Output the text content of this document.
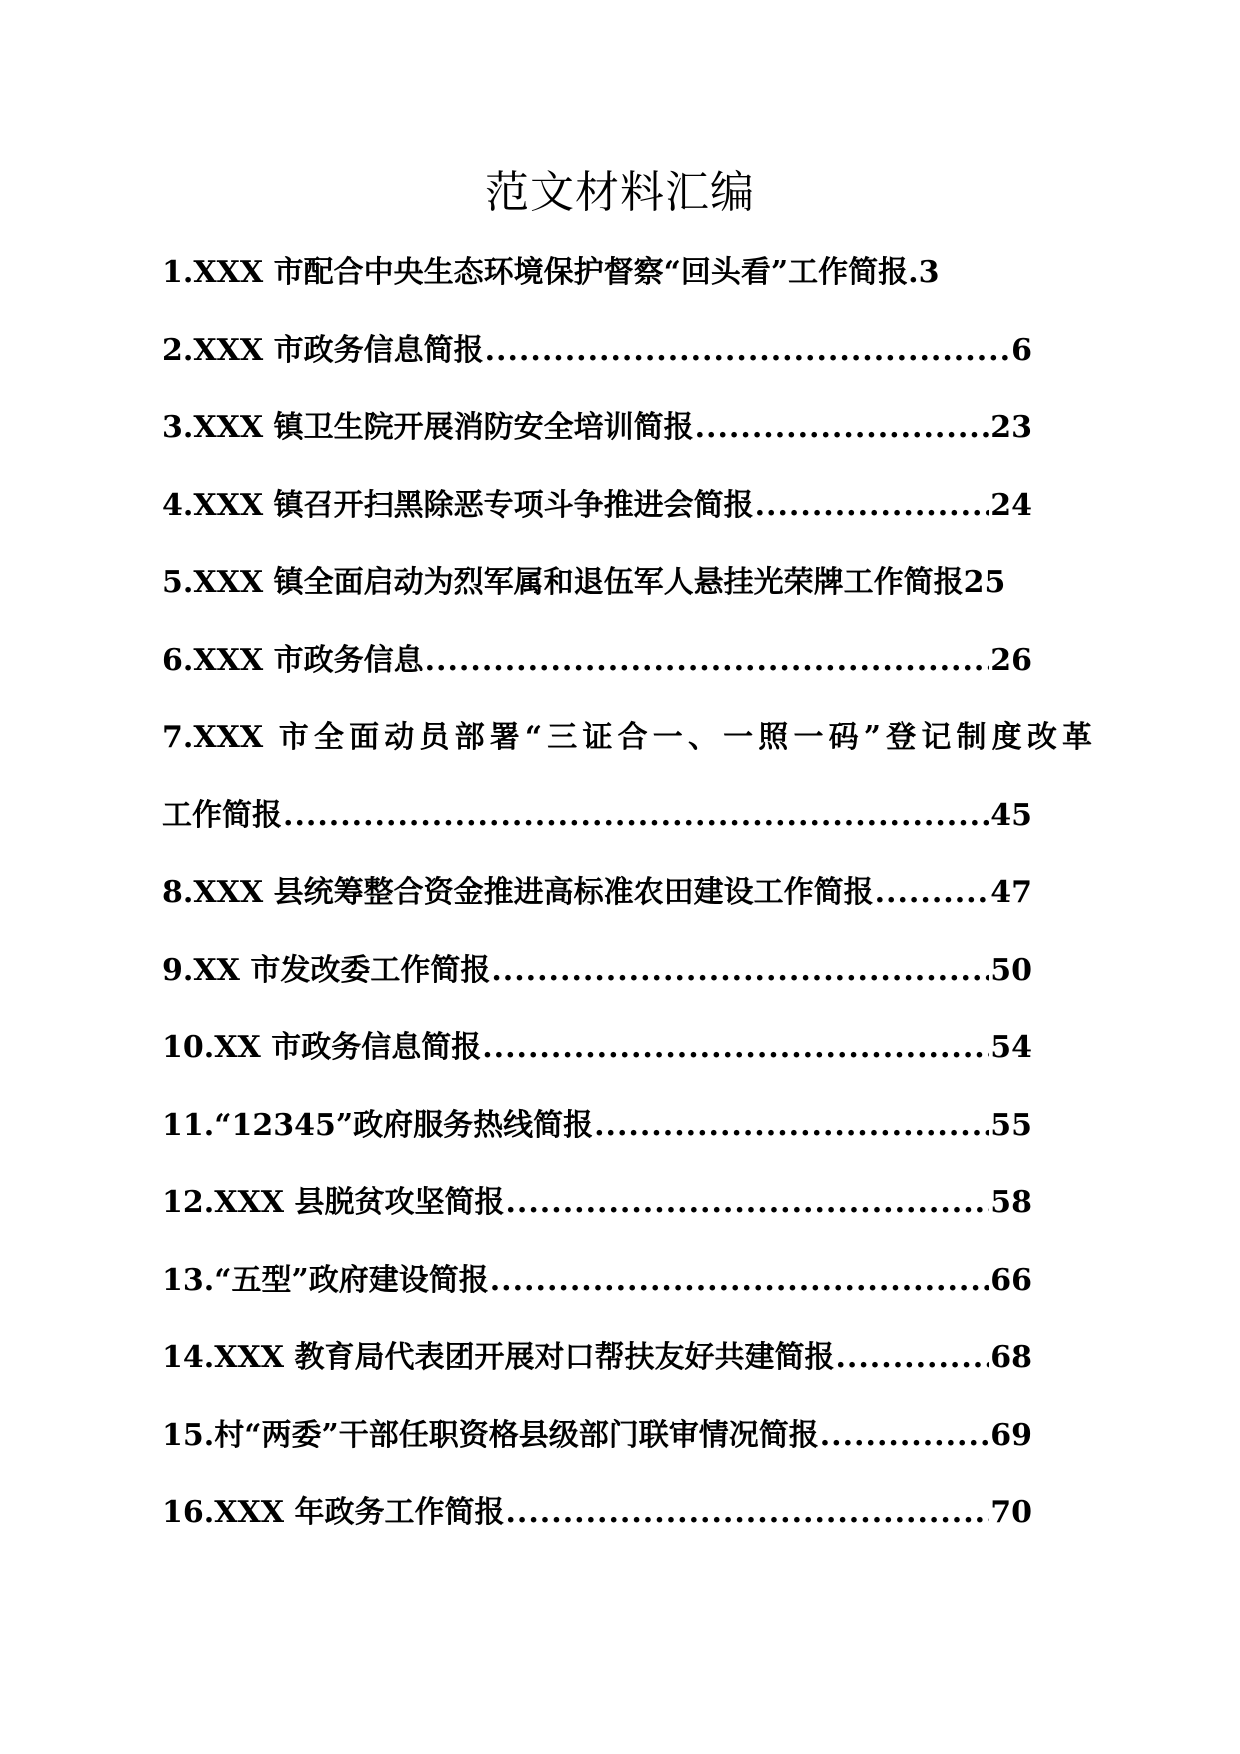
范文材料汇编
1.XXX 市配合中央生态环境保护督察“回头看”工作简报. 3
2.XXX 市政务信息简报 .....	6
3.XXX 镇卫生院开展消防安全培训简报 .....	23
4.XXX 镇召开扫黑除恶专项斗争推进会简报 .....	24
5.XXX 镇全面启动为烈军属和退伍军人悬挂光荣牌工作简报 25
6.XXX 市政务信息 .....	26
7.XXX 市全面动员部署“三证合一、一照一码”登记制度改革
工作简报 .....	45
8.XXX 县统筹整合资金推进高标准农田建设工作简报 .....	47
9.XX 市发改委工作简报 .....	50
10.XX 市政务信息简报 .....	54
11.“12345”政府服务热线简报 .....	55
12.XXX 县脱贫攻坚简报 .....	58
13.“五型”政府建设简报 .....	66
14.XXX 教育局代表团开展对口帮扶友好共建简报 .....	68
15.村“两委”干部任职资格县级部门联审情况简报 .....	69
16.XXX 年政务工作简报 .....	70
